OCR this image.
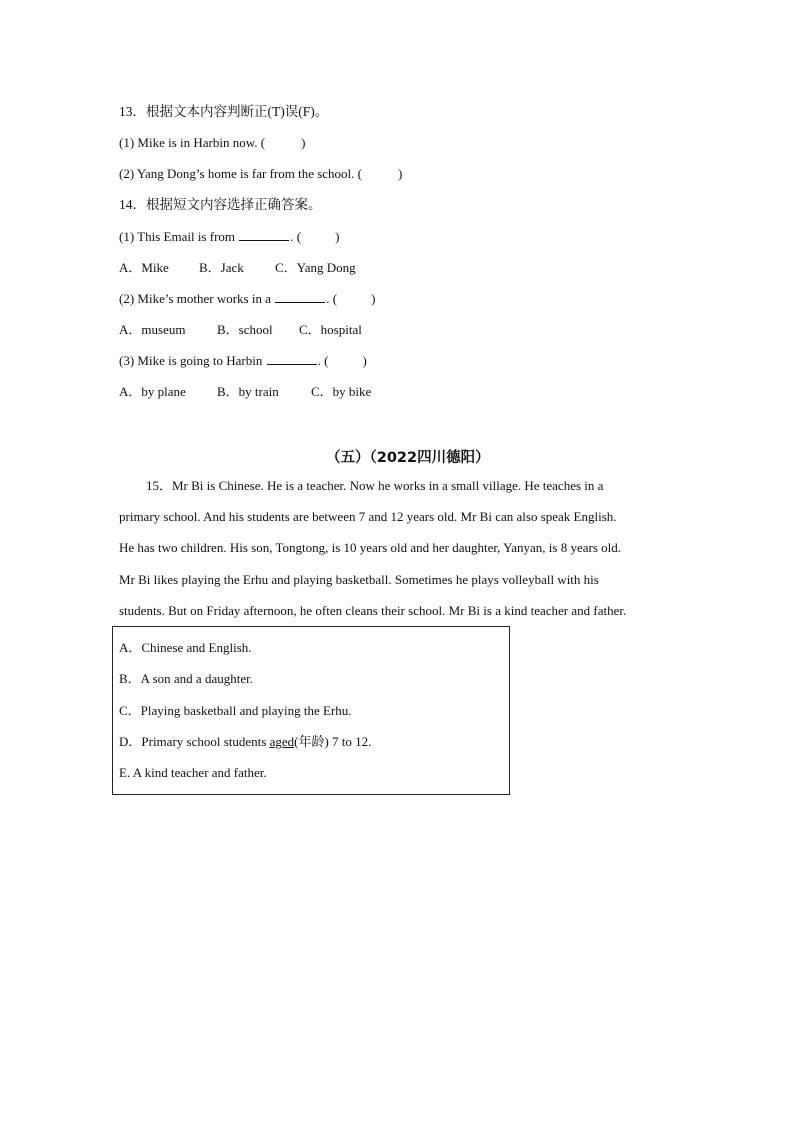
13．根据文本内容判断正(T)误(F)。
(1) Mike is in Harbin now. (	)
(2) Yang Dong’s home is far from the school. (	)
14．根据短文内容选择正确答案。
(1) This Email is from	. (	)
A．Mike B．Jack C．Yang Dong
(2) Mike’s mother works in a	. (	)
A．museum B．school C．hospital
(3) Mike is going to Harbin	. (	)
A．by plane B．by train C．by bike
（五）（2022四川德阳）
15．Mr Bi is Chinese. He is a teacher. Now he works in a small village. He teaches in a
primary school. And his students are between 7 and 12 years old. Mr Bi can also speak English.
He has two children. His son, Tongtong, is 10 years old and her daughter, Yanyan, is 8 years old.
Mr Bi likes playing the Erhu and playing basketball. Sometimes he plays volleyball with his
students. But on Friday afternoon, he often cleans their school. Mr Bi is a kind teacher and father.
A．Chinese and English.
B．A son and a daughter.
C．Playing basketball and playing the Erhu.
D．Primary school students aged(年龄) 7 to 12.
E. A kind teacher and father.
